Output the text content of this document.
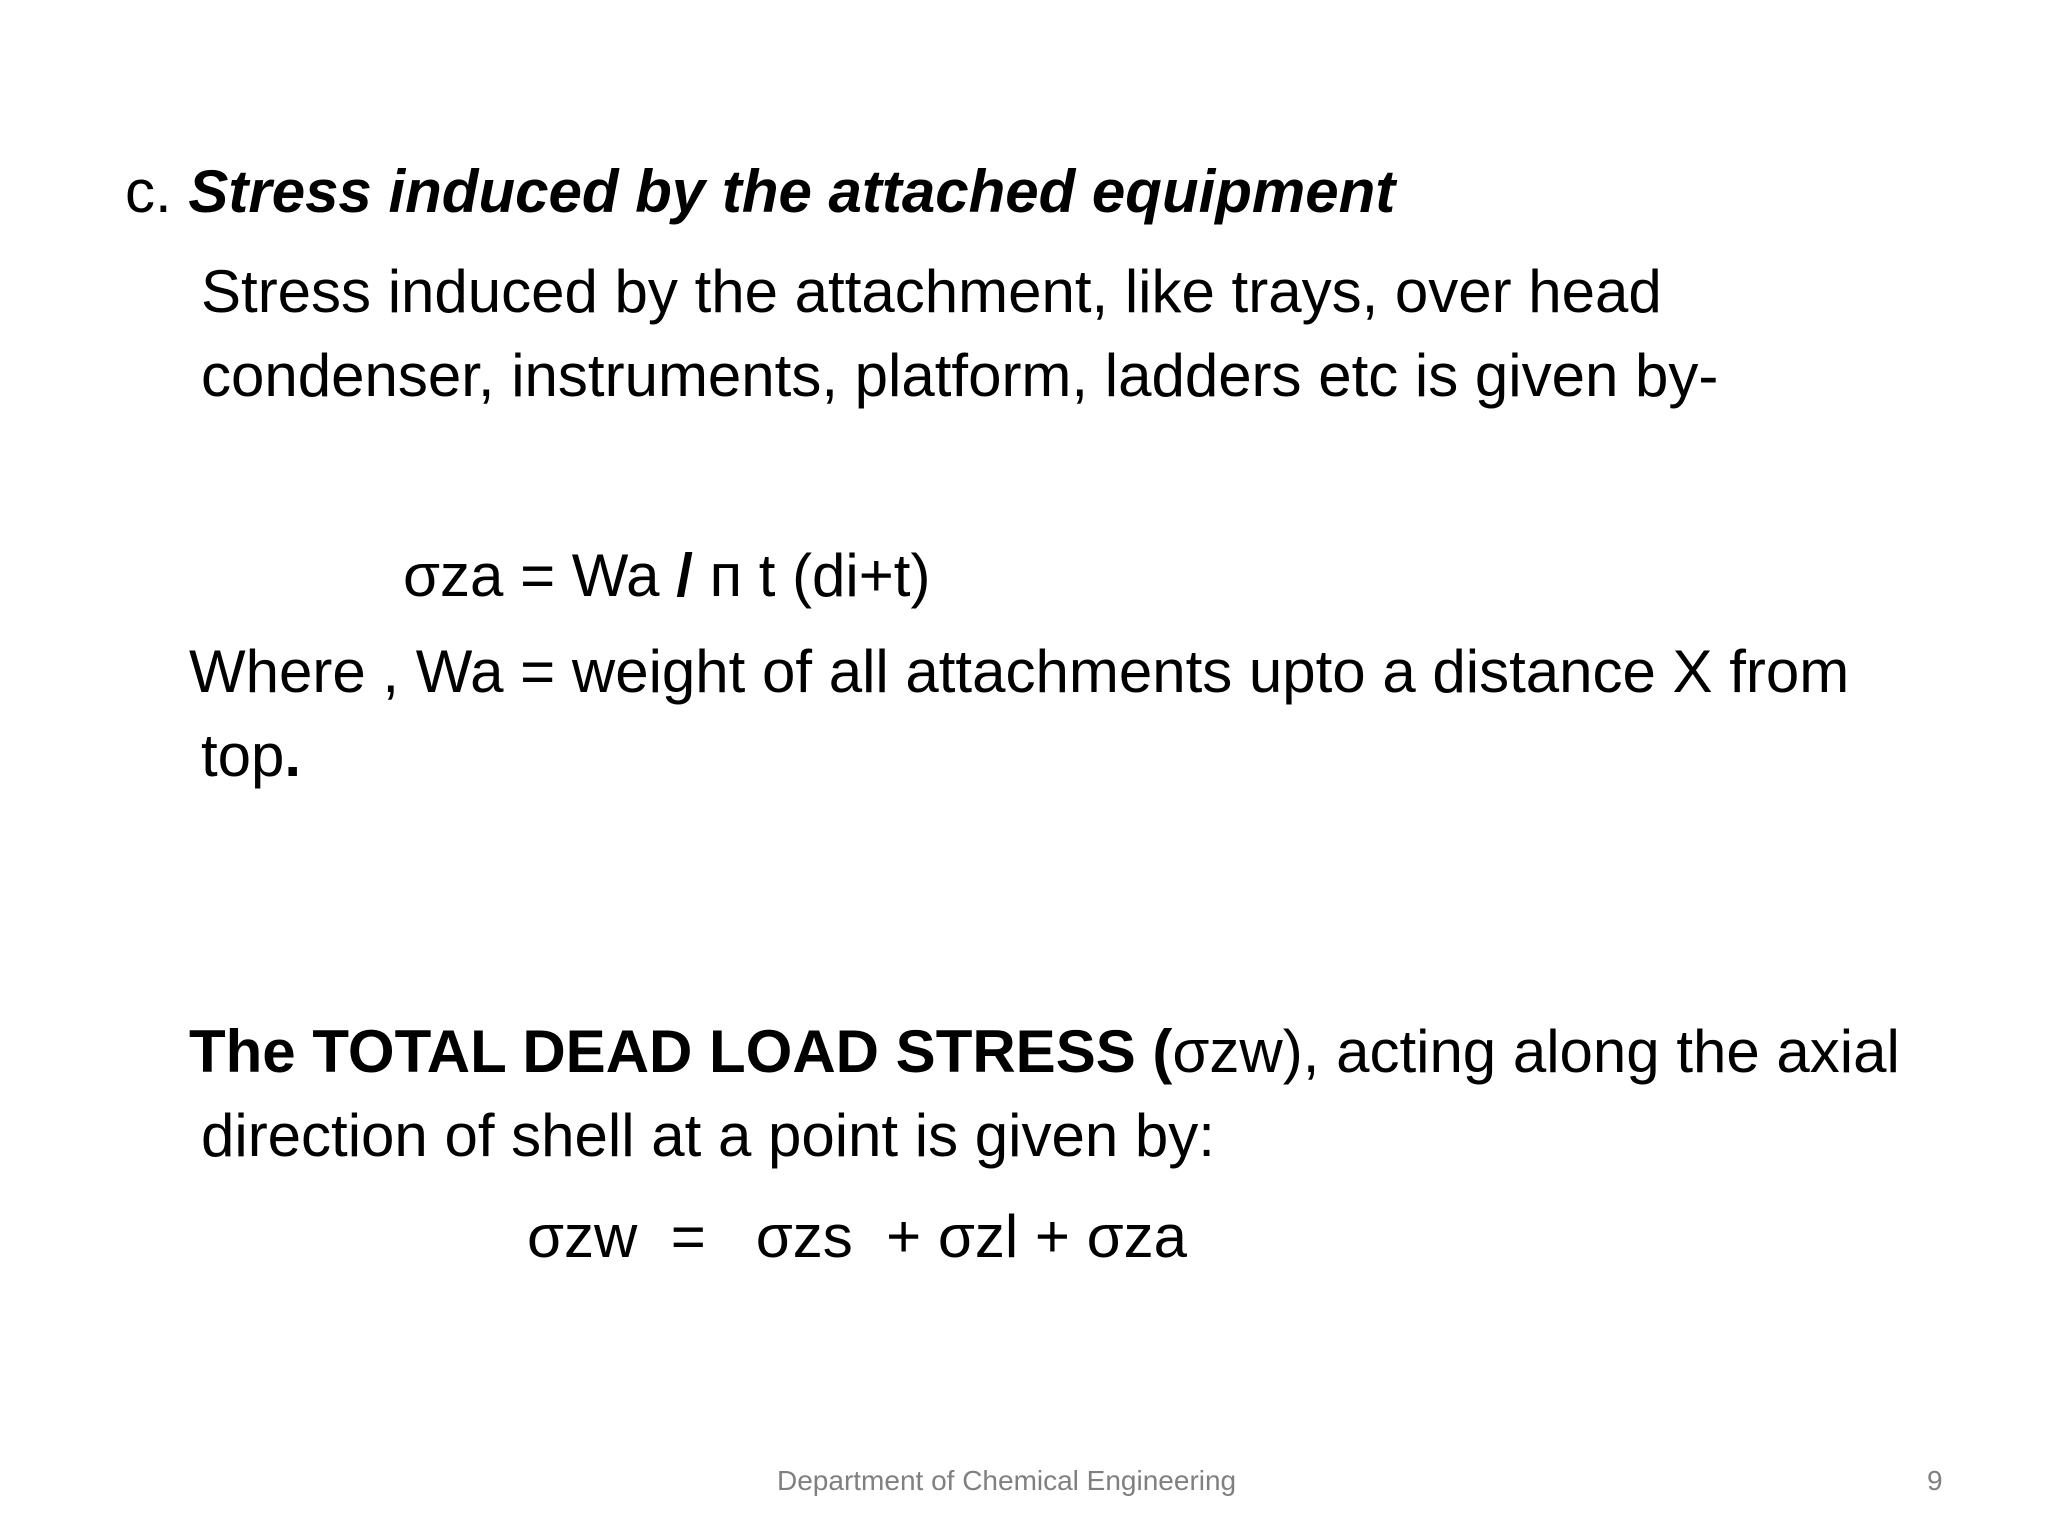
c. Stress induced by the attached equipment
Stress induced by the attachment, like trays, over head
condenser, instruments, platform, ladders etc is given by-
σza = Wa / п t (di+t)
Where , Wa = weight of all attachments upto a distance X from
top.
The TOTAL DEAD LOAD STRESS (σzw), acting along the axial
direction of shell at a point is given by:
σzw  =   σzs  + σzl + σza
Department of Chemical Engineering	9
